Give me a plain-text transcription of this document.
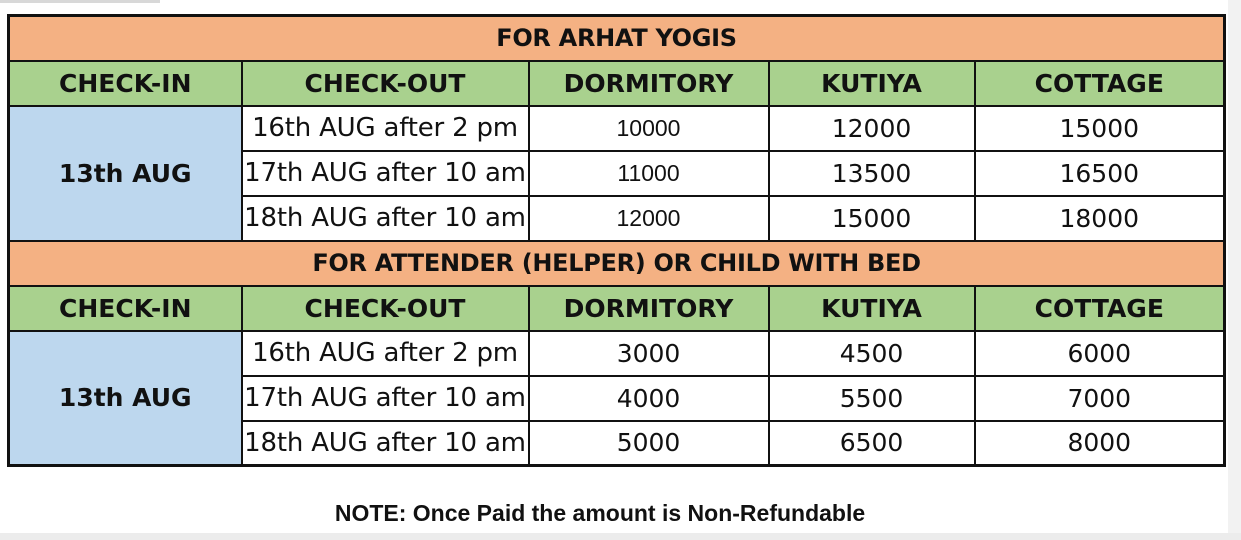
FOR ARHAT YOGIS				
CHECK-IN	CHECK-OUT	DORMITORY	KUTIYA	COTTAGE
13th AUG	16th AUG after 2 pm	10000	12000	15000
	17th AUG after 10 am	11000	13500	16500
	18th AUG after 10 am	12000	15000	18000
FOR ATTENDER (HELPER) OR CHILD WITH BED				
CHECK-IN	CHECK-OUT	DORMITORY	KUTIYA	COTTAGE
13th AUG	16th AUG after 2 pm	3000	4500	6000
	17th AUG after 10 am	4000	5500	7000
	18th AUG after 10 am	5000	6500	8000
NOTE: Once Paid the amount is Non-Refundable
